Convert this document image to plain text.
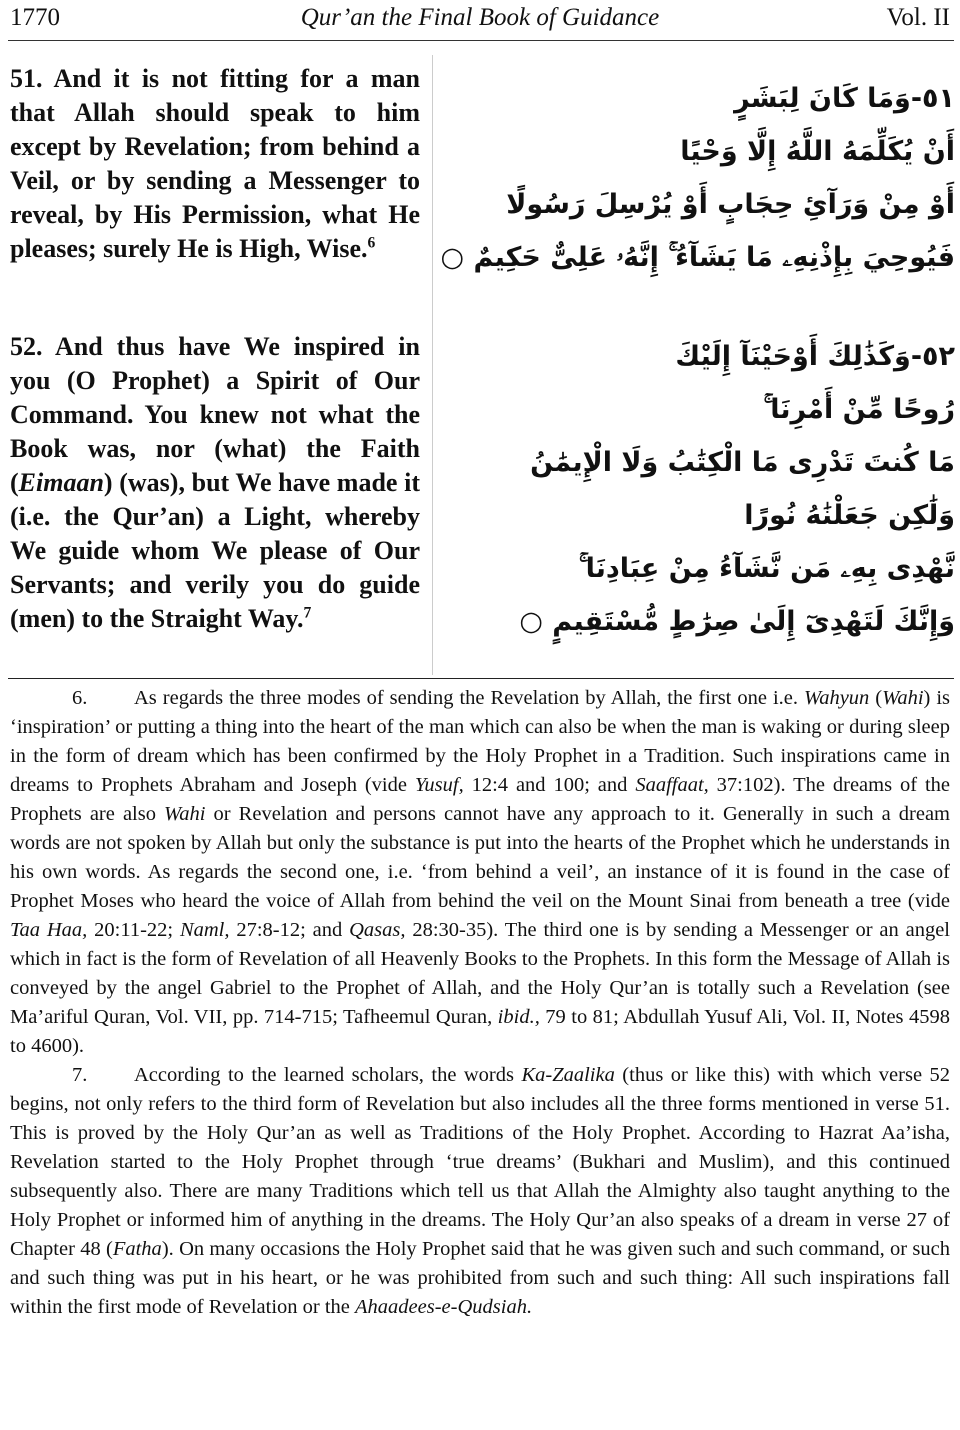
1770	Qur’an the Final Book of Guidance	Vol. II
51. And it is not fitting for a man that Allah should speak to him except by Revelation; from behind a Veil, or by sending a Messenger to reveal, by His Permission, what He pleases; surely He is High, Wise.$^6$
٥١-وَمَا كَانَ لِبَشَرٍ
أَنْ يُكَلِّمَهُ اللَّهُ إِلَّا وَحْيًا
أَوْ مِنْ وَرَآئِ حِجَابٍ أَوْ يُرْسِلَ رَسُولًا
فَيُوحِيَ بِإِذْنِهِۦ مَا يَشَآءُ ۚ إِنَّهُۥ عَلِىٌّ حَكِيمٌ ○
52. And thus have We inspired in you (O Prophet) a Spirit of Our Command. You knew not what the Book was, nor (what) the Faith (Eimaan) (was), but We have made it (i.e. the Qur’an) a Light, whereby We guide whom We please of Our Servants; and verily you do guide (men) to the Straight Way.$^7$
٥٢-وَكَذَٰلِكَ أَوْحَيْنَآ إِلَيْكَ
رُوحًا مِّنْ أَمْرِنَا ۚ
مَا كُنتَ تَدْرِى مَا الْكِتَٰبُ وَلَا الْإِيمَٰنُ
وَلَٰكِن جَعَلْنَٰهُ نُورًا
نَّهْدِى بِهِۦ مَن نَّشَآءُ مِنْ عِبَادِنَا ۚ
وَإِنَّكَ لَتَهْدِىٓ إِلَىٰ صِرَٰطٍ مُّسْتَقِيمٍ ○

6. As regards the three modes of sending the Revelation by Allah, the first one i.e. Wahyun (Wahi) is ‘inspiration’ or putting a thing into the heart of the man which can also be when the man is waking or during sleep in the form of dream which has been confirmed by the Holy Prophet in a Tradition. Such inspirations came in dreams to Prophets Abraham and Joseph (vide Yusuf, 12:4 and 100; and Saaffaat, 37:102). The dreams of the Prophets are also Wahi or Revelation and persons cannot have any approach to it. Generally in such a dream words are not spoken by Allah but only the substance is put into the hearts of the Prophet which he understands in his own words. As regards the second one, i.e. ‘from behind a veil’, an instance of it is found in the case of Prophet Moses who heard the voice of Allah from behind the veil on the Mount Sinai from beneath a tree (vide Taa Haa, 20:11-22; Naml, 27:8-12; and Qasas, 28:30-35). The third one is by sending a Messenger or an angel which in fact is the form of Revelation of all Heavenly Books to the Prophets. In this form the Message of Allah is conveyed by the angel Gabriel to the Prophet of Allah, and the Holy Qur’an is totally such a Revelation (see Ma’ariful Quran, Vol. VII, pp. 714-715; Tafheemul Quran, ibid., 79 to 81; Abdullah Yusuf Ali, Vol. II, Notes 4598 to 4600).

7. According to the learned scholars, the words Ka-Zaalika (thus or like this) with which verse 52 begins, not only refers to the third form of Revelation but also includes all the three forms mentioned in verse 51. This is proved by the Holy Qur’an as well as Traditions of the Holy Prophet. According to Hazrat Aa’isha, Revelation started to the Holy Prophet through ‘true dreams’ (Bukhari and Muslim), and this continued subsequently also. There are many Traditions which tell us that Allah the Almighty also taught anything to the Holy Prophet or informed him of anything in the dreams. The Holy Qur’an also speaks of a dream in verse 27 of Chapter 48 (Fatha). On many occasions the Holy Prophet said that he was given such and such command, or such and such thing was put in his heart, or he was prohibited from such and such thing: All such inspirations fall within the first mode of Revelation or the Ahaadees-e-Qudsiah.
